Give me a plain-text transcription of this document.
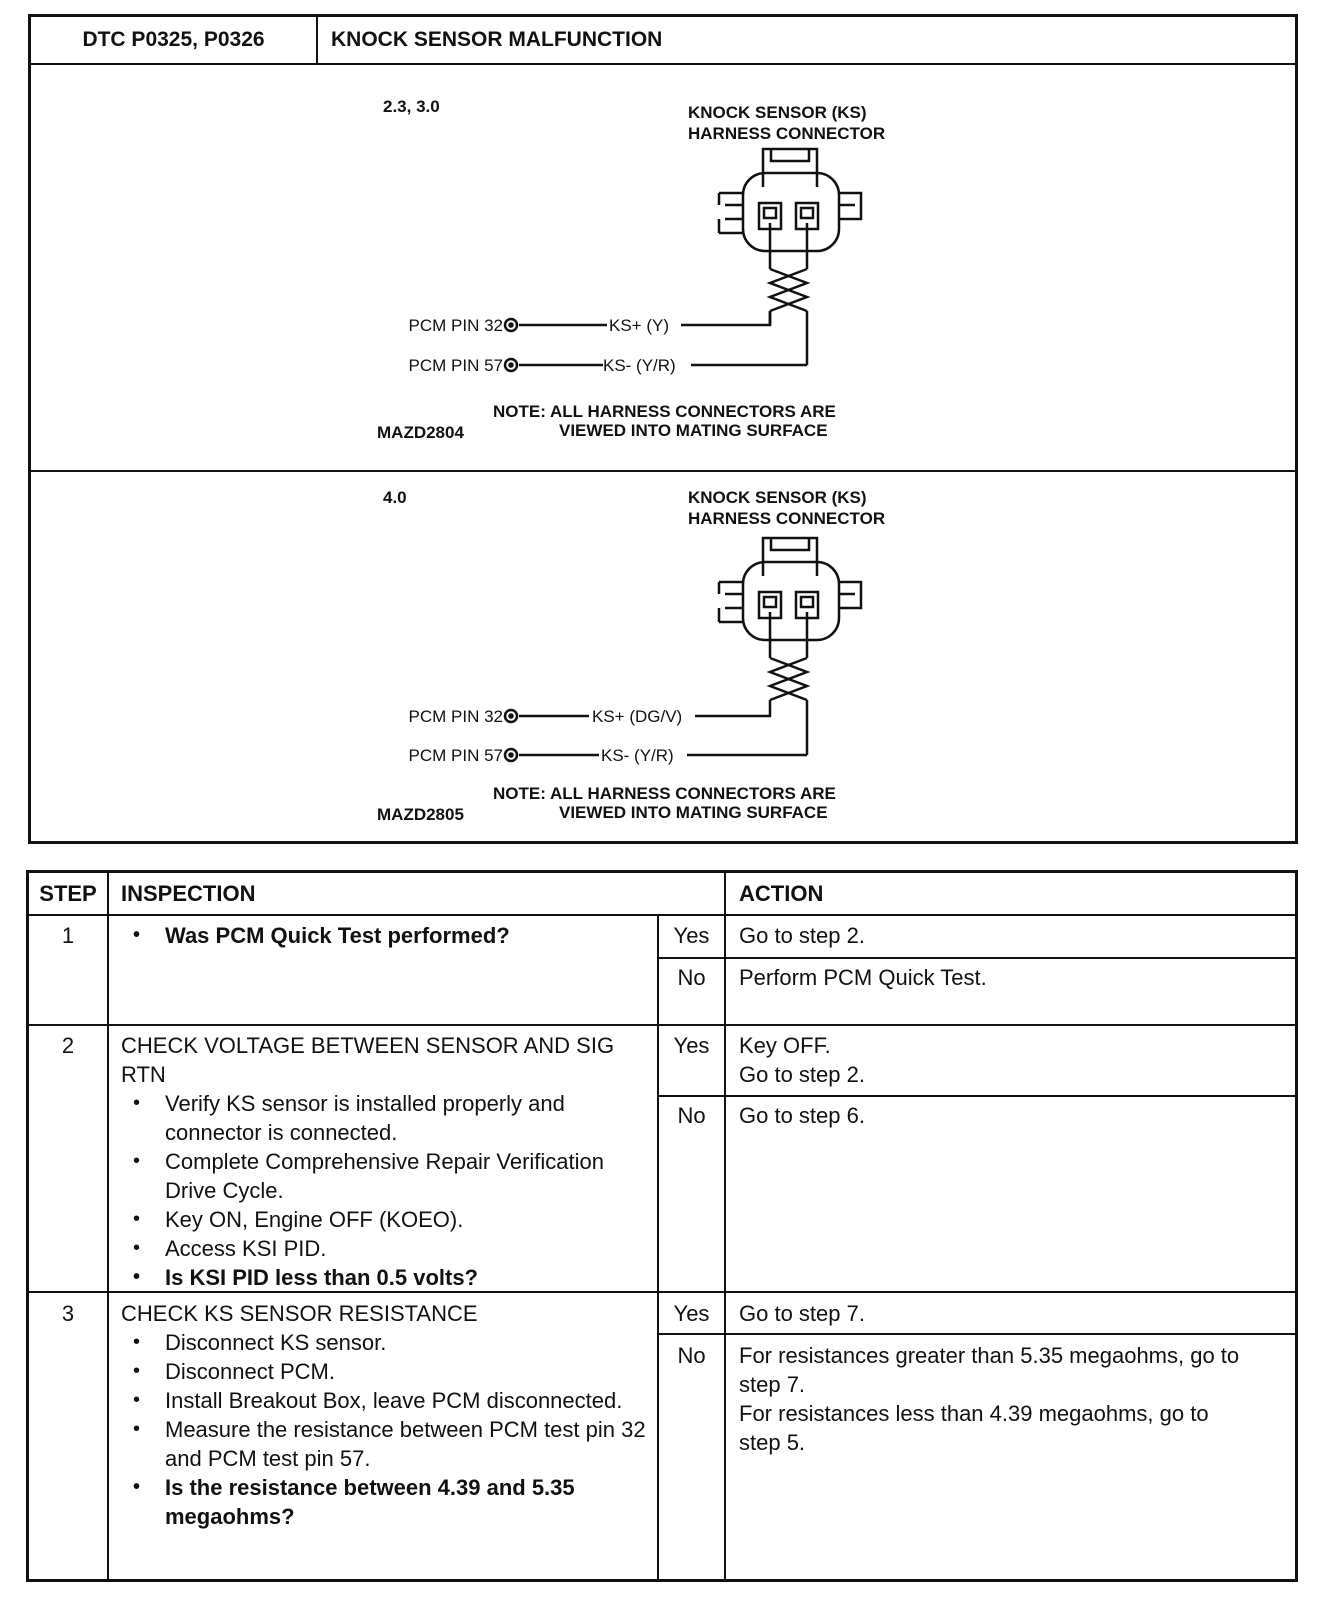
DTC P0325, P0326	KNOCK SENSOR MALFUNCTION
2.3, 3.0	KNOCK SENSOR (KS)
HARNESS CONNECTOR
PCM PIN 32	KS+ (Y)
PCM PIN 57	KS- (Y/R)
NOTE: ALL HARNESS CONNECTORS ARE
VIEWED INTO MATING SURFACE
MAZD2804
4.0	KNOCK SENSOR (KS)
HARNESS CONNECTOR
PCM PIN 32	KS+ (DG/V)
PCM PIN 57	KS- (Y/R)
NOTE: ALL HARNESS CONNECTORS ARE
VIEWED INTO MATING SURFACE
MAZD2805
STEP	INSPECTION	ACTION
1
•	Was PCM Quick Test performed?	Yes	Go to step 2.
No	Perform PCM Quick Test.
2	CHECK VOLTAGE BETWEEN SENSOR AND SIG RTN
• Verify KS sensor is installed properly and connector is connected.
• Complete Comprehensive Repair Verification Drive Cycle.
• Key ON, Engine OFF (KOEO).
• Access KSI PID.
• Is KSI PID less than 0.5 volts?
Yes	Key OFF.
Go to step 2.
No	Go to step 6.
3	CHECK KS SENSOR RESISTANCE
• Disconnect KS sensor.
• Disconnect PCM.
• Install Breakout Box, leave PCM disconnected.
• Measure the resistance between PCM test pin 32 and PCM test pin 57.
• Is the resistance between 4.39 and 5.35 megaohms?
Yes	Go to step 7.
No	For resistances greater than 5.35 megaohms, go to step 7.
For resistances less than 4.39 megaohms, go to step 5.
